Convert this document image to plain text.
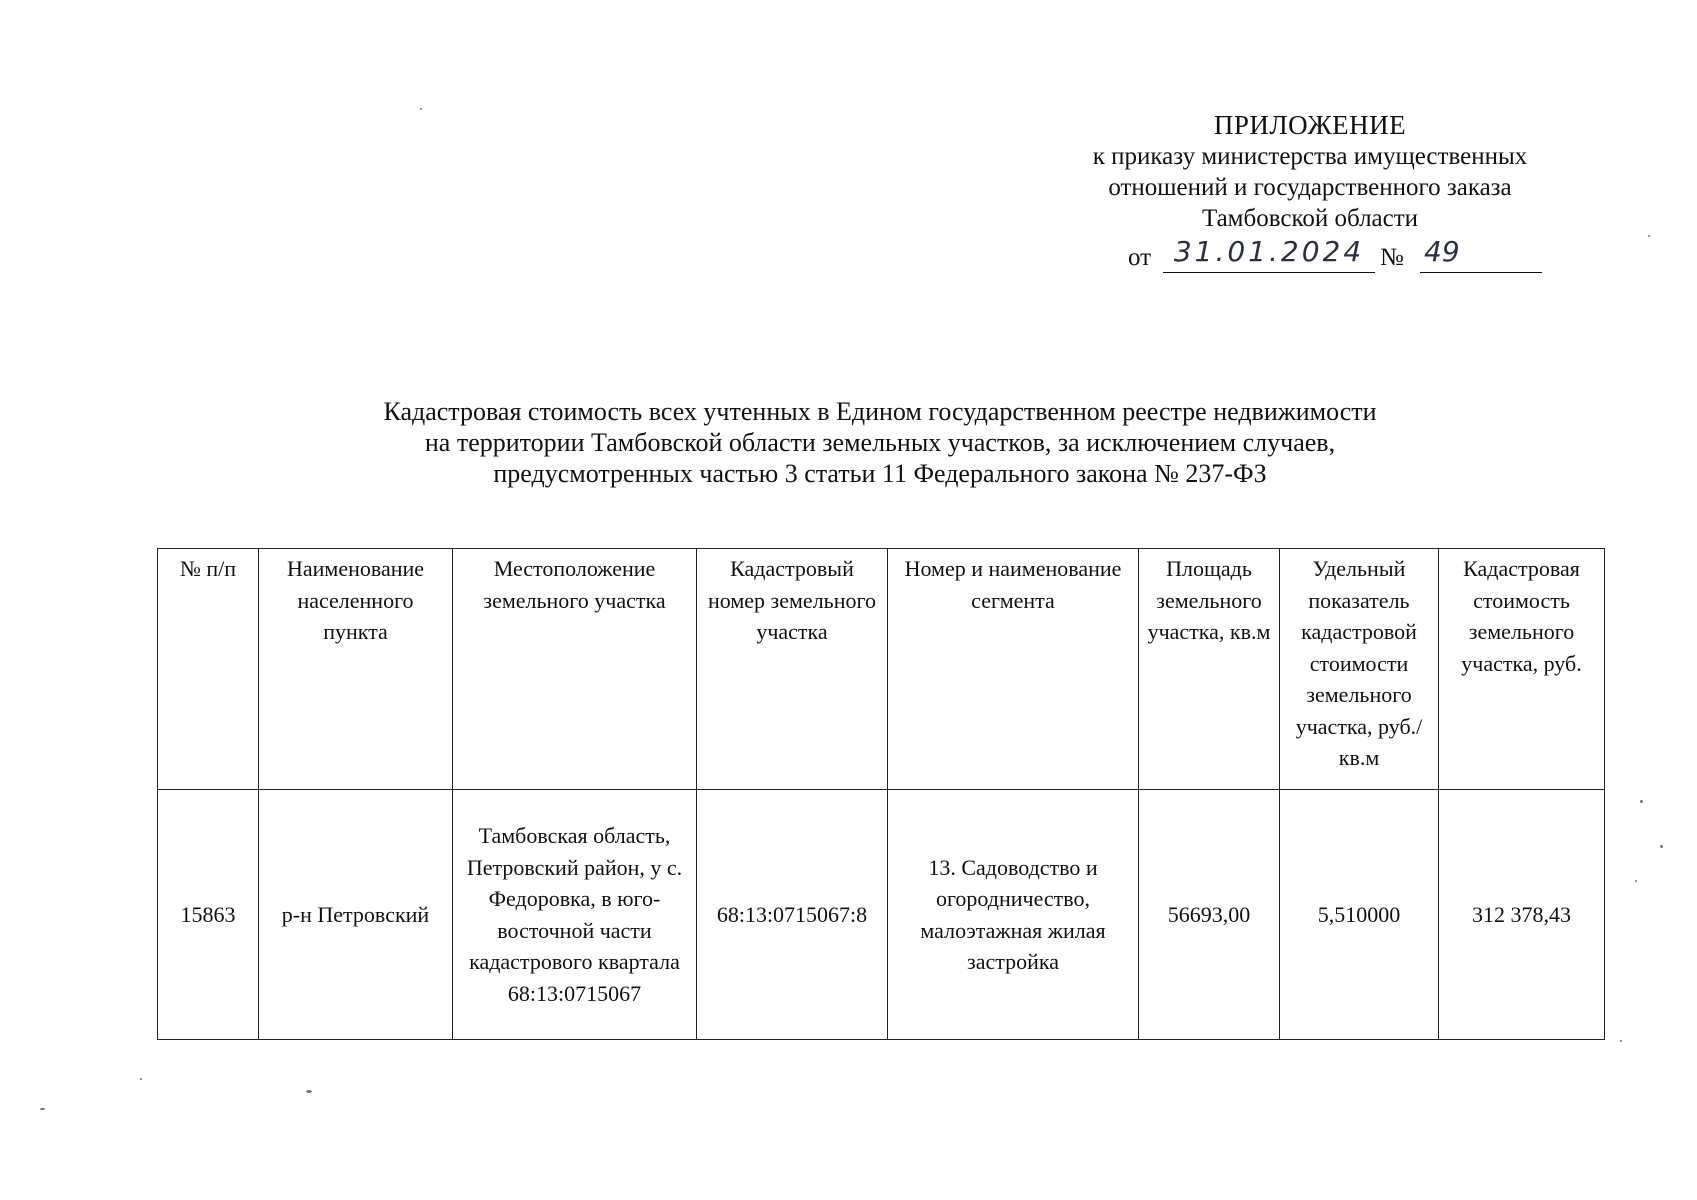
ПРИЛОЖЕНИЕ
к приказу министерства имущественных
отношений и государственного заказа
Тамбовской области
от 31.01.2024 № 49
Кадастровая стоимость всех учтенных в Едином государственном реестре недвижимости
на территории Тамбовской области земельных участков, за исключением случаев,
предусмотренных частью 3 статьи 11 Федерального закона № 237-ФЗ
№ п/п	Наименование населенного пункта	Местоположение земельного участка	Кадастровый номер земельного участка	Номер и наименование сегмента	Площадь земельного участка, кв.м	Удельный показатель кадастровой стоимости земельного участка, руб./кв.м	Кадастровая стоимость земельного участка, руб.
15863	р-н Петровский	Тамбовская область, Петровский район, у с. Федоровка, в юго-восточной части кадастрового квартала 68:13:0715067	68:13:0715067:8	13. Садоводство и огородничество, малоэтажная жилая застройка	56693,00	5,510000	312 378,43
